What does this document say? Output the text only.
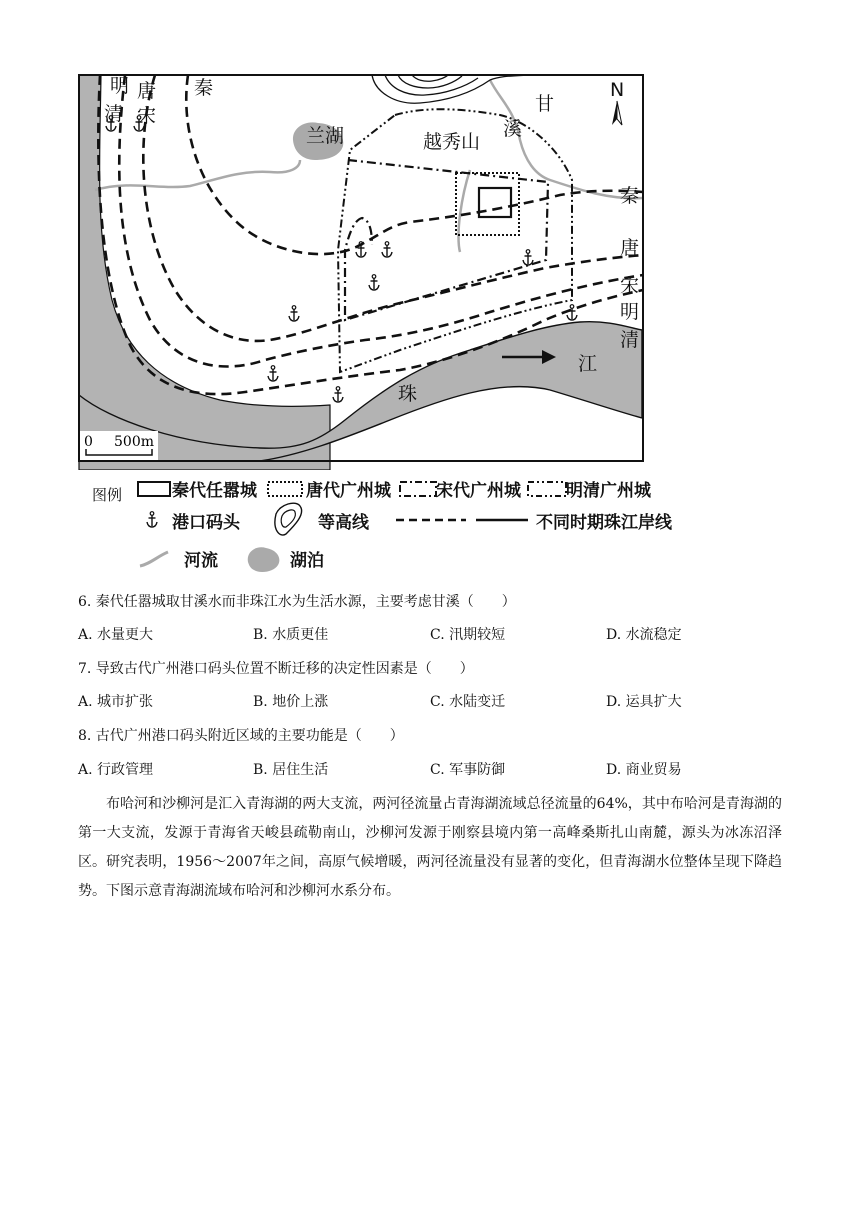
N
明
清
唐
宋
秦
兰湖	越秀山
甘
溪
秦
唐
宋
明
清
江
珠
0 500m
图例	秦代任嚣城	唐代广州城	宋代广州城	明清广州城
港口码头	等高线	不同时期珠江岸线
河流	湖泊
6. 秦代任嚣城取甘溪水而非珠江水为生活水源，主要考虑甘溪（　　）
A. 水量更大	B. 水质更佳	C. 汛期较短	D. 水流稳定
7. 导致古代广州港口码头位置不断迁移的决定性因素是（　　）
A. 城市扩张	B. 地价上涨	C. 水陆变迁	D. 运具扩大
8. 古代广州港口码头附近区域的主要功能是（　　）
A. 行政管理	B. 居住生活	C. 军事防御	D. 商业贸易

布哈河和沙柳河是汇入青海湖的两大支流，两河径流量占青海湖流域总径流量的64%，其中布哈河是青海湖的第一大支流，发源于青海省天峻县疏勒南山，沙柳河发源于刚察县境内第一高峰桑斯扎山南麓，源头为冰冻沼泽区。研究表明，1956～2007年之间，高原气候增暖，两河径流量没有显著的变化，但青海湖水位整体呈现下降趋势。下图示意青海湖流域布哈河和沙柳河水系分布。
